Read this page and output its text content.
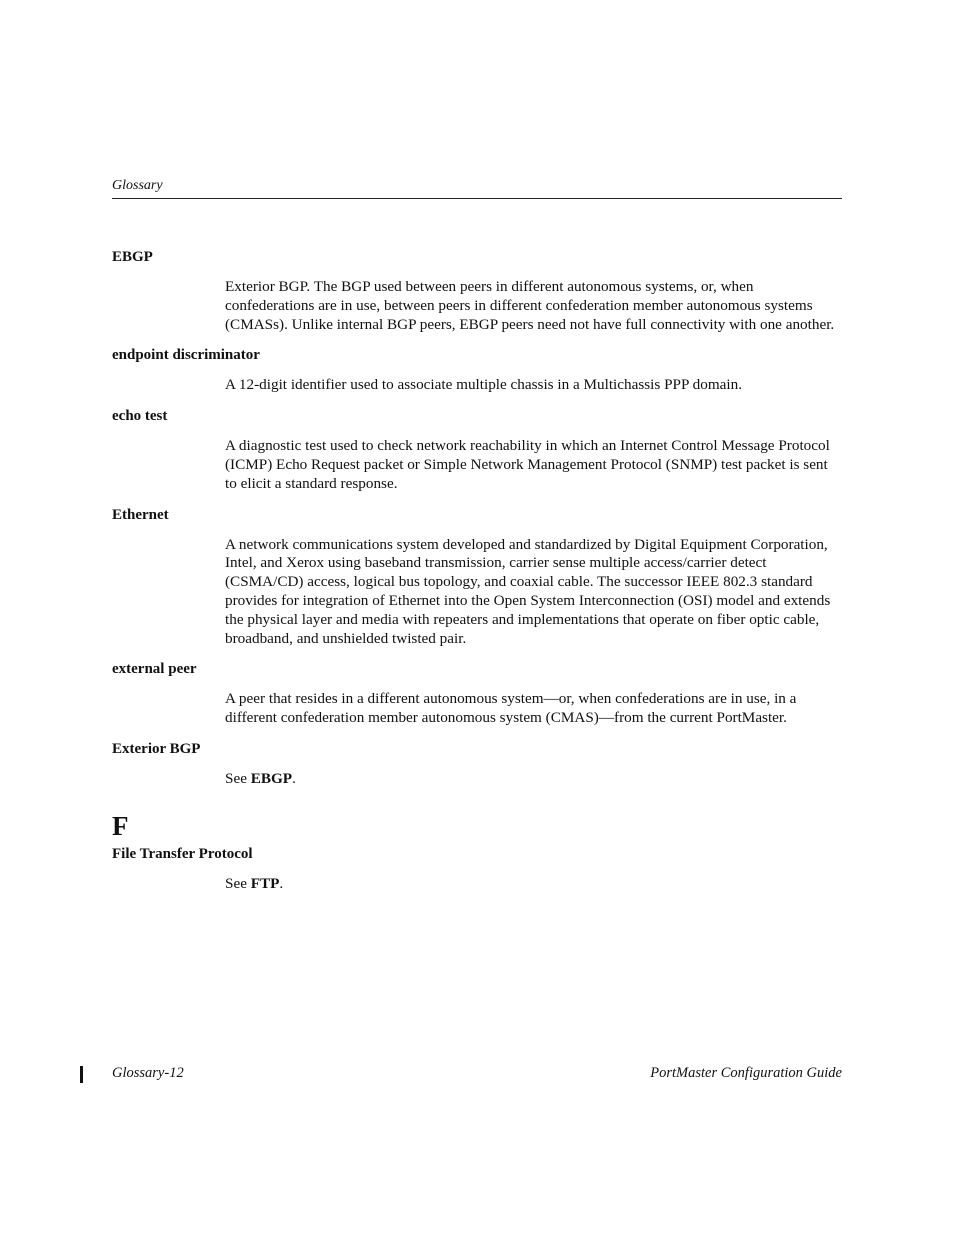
Glossary
EBGP
Exterior BGP. The BGP used between peers in different autonomous systems, or, when confederations are in use, between peers in different confederation member autonomous systems (CMASs). Unlike internal BGP peers, EBGP peers need not have full connectivity with one another.
endpoint discriminator
A 12-digit identifier used to associate multiple chassis in a Multichassis PPP domain.
echo test
A diagnostic test used to check network reachability in which an Internet Control Message Protocol (ICMP) Echo Request packet or Simple Network Management Protocol (SNMP) test packet is sent to elicit a standard response.
Ethernet
A network communications system developed and standardized by Digital Equipment Corporation, Intel, and Xerox using baseband transmission, carrier sense multiple access/carrier detect (CSMA/CD) access, logical bus topology, and coaxial cable. The successor IEEE 802.3 standard provides for integration of Ethernet into the Open System Interconnection (OSI) model and extends the physical layer and media with repeaters and implementations that operate on fiber optic cable, broadband, and unshielded twisted pair.
external peer
A peer that resides in a different autonomous system—or, when confederations are in use, in a different confederation member autonomous system (CMAS)—from the current PortMaster.
Exterior BGP
See EBGP.
F
File Transfer Protocol
See FTP.
Glossary-12	PortMaster Configuration Guide
